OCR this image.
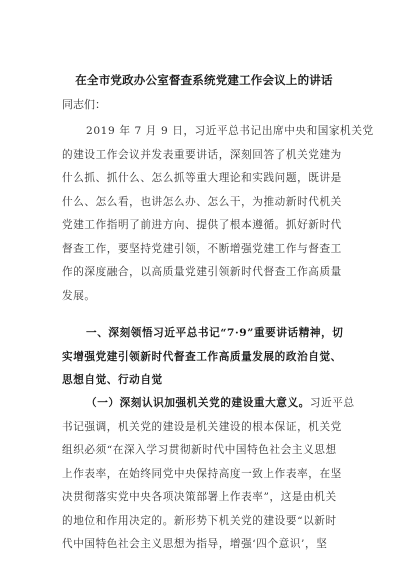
在全市党政办公室督查系统党建工作会议上的讲话
同志们：
2019 年 7 月 9 日，习近平总书记出席中央和国家机关党
的建设工作会议并发表重要讲话，深刻回答了机关党建为
什么抓、抓什么、怎么抓等重大理论和实践问题，既讲是
什么、怎么看，也讲怎么办、怎么干，为推动新时代机关
党建工作指明了前进方向、提供了根本遵循。抓好新时代
督查工作，要坚持党建引领，不断增强党建工作与督查工
作的深度融合，以高质量党建引领新时代督查工作高质量
发展。
一、深刻领悟习近平总书记“7·9”重要讲话精神，切
实增强党建引领新时代督查工作高质量发展的政治自觉、
思想自觉、行动自觉
（一）深刻认识加强机关党的建设重大意义。习近平总
书记强调，机关党的建设是机关建设的根本保证，机关党
组织必须“在深入学习贯彻新时代中国特色社会主义思想
上作表率，在始终同党中央保持高度一致上作表率，在坚
决贯彻落实党中央各项决策部署上作表率”，这是由机关
的地位和作用决定的。新形势下机关党的建设要“以新时
代中国特色社会主义思想为指导，增强‘四个意识’，坚
